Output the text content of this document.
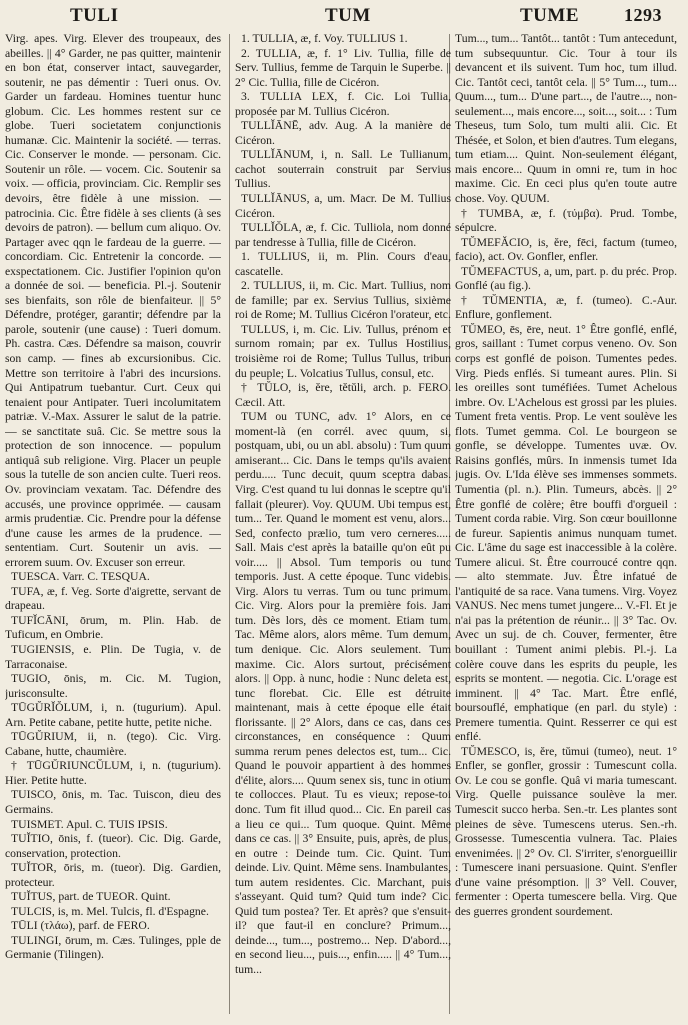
TULI	TUM	TUME	1293

Virg. apes. Virg. Elever des troupeaux, des abeilles. || 4° Garder, ne pas quitter, maintenir en bon état, conserver intact, sauvegarder, soutenir, ne pas démentir : Tueri onus. Ov. Garder un fardeau. Homines tuentur hunc globum. Cic. Les hommes restent sur ce globe. Tueri societatem conjunctionis humanæ. Cic. Maintenir la société. — terras. Cic. Conserver le monde. — personam. Cic. Soutenir un rôle. — vocem. Cic. Soutenir sa voix. — officia, provinciam. Cic. Remplir ses devoirs, être fidèle à une mission. — patrocinia. Cic. Être fidèle à ses clients (à ses devoirs de patron). — bellum cum aliquo. Ov. Partager avec qqn le fardeau de la guerre. — concordiam. Cic. Entretenir la concorde. — exspectationem. Cic. Justifier l'opinion qu'on a donnée de soi. — beneficia. Pl.-j. Soutenir ses bienfaits, son rôle de bienfaiteur. || 5° Défendre, protéger, garantir; défendre par la parole, soutenir (une cause) : Tueri domum. Ph. castra. Cæs. Défendre sa maison, couvrir son camp. — fines ab excursionibus. Cic. Mettre son territoire à l'abri des incursions. Qui Antipatrum tuebantur. Curt. Ceux qui tenaient pour Antipater. Tueri incolumitatem patriæ. V.-Max. Assurer le salut de la patrie. — se sanctitate suâ. Cic. Se mettre sous la protection de son innocence. — populum antiquâ sub religione. Virg. Placer un peuple sous la tutelle de son ancien culte. Tueri reos. Ov. provinciam vexatam. Tac. Défendre des accusés, une province opprimée. — causam armis prudentiæ. Cic. Prendre pour la défense d'une cause les armes de la prudence. — sententiam. Curt. Soutenir un avis. — errorem suum. Ov. Excuser son erreur.

TUESCA. Varr. C. TESQUA.

TUFA, æ, f. Veg. Sorte d'aigrette, servant de drapeau.

TUFĬCĀNI, ōrum, m. Plin. Hab. de Tuficum, en Ombrie.

TUGIENSIS, e. Plin. De Tugia, v. de Tarraconaise.

TUGIO, ōnis, m. Cic. M. Tugion, jurisconsulte.

TŪGŬRĬŎLUM, i, n. (tugurium). Apul. Arn. Petite cabane, petite hutte, petite niche.

TŪGŬRIUM, ii, n. (tego). Cic. Virg. Cabane, hutte, chaumière.

† TŪGŬRIUNCŬLUM, i, n. (tugurium). Hier. Petite hutte.

TUISCO, ōnis, m. Tac. Tuiscon, dieu des Germains.

TUISMET. Apul. C. TUIS IPSIS.

TUĬTIO, ōnis, f. (tueor). Cic. Dig. Garde, conservation, protection.

TUĬTOR, ōris, m. (tueor). Dig. Gardien, protecteur.

TUĬTUS, part. de TUEOR. Quint.

TULCIS, is, m. Mel. Tulcis, fl. d'Espagne.

TŪLI (τλάω), parf. de FERO.

TULINGI, ōrum, m. Cæs. Tulinges, pple de Germanie (Tilingen).

1. TULLIA, æ, f. Voy. TULLIUS 1.

2. TULLIA, æ, f. 1° Liv. Tullia, fille de Serv. Tullius, femme de Tarquin le Superbe. || 2° Cic. Tullia, fille de Cicéron.

3. TULLIA LEX, f. Cic. Loi Tullia, proposée par M. Tullius Cicéron.

TULLĬĀNĒ, adv. Aug. A la manière de Cicéron.

TULLĬĀNUM, i, n. Sall. Le Tullianum, cachot souterrain construit par Servius Tullius.

TULLĬĀNUS, a, um. Macr. De M. Tullius Cicéron.

TULLĬŎLA, æ, f. Cic. Tulliola, nom donné par tendresse à Tullia, fille de Cicéron.

1. TULLIUS, ii, m. Plin. Cours d'eau, cascatelle.

2. TULLIUS, ii, m. Cic. Mart. Tullius, nom de famille; par ex. Servius Tullius, sixième roi de Rome; M. Tullius Cicéron l'orateur, etc.

TULLUS, i, m. Cic. Liv. Tullus, prénom et surnom romain; par ex. Tullus Hostilius, troisième roi de Rome; Tullus Tullus, tribun du peuple; L. Volcatius Tullus, consul, etc.

† TŬLO, is, ĕre, tĕtŭli, arch. p. FERO. Cæcil. Att.

TUM ou TUNC, adv. 1° Alors, en ce moment-là (en corrél. avec quum, si, postquam, ubi, ou un abl. absolu) : Tum quum amiserant... Cic. Dans le temps qu'ils avaient perdu..... Tunc decuit, quum sceptra dabas. Virg. C'est quand tu lui donnas le sceptre qu'il fallait (pleurer). Voy. QUUM. Ubi tempus est, tum... Ter. Quand le moment est venu, alors... Sed, confecto prælio, tum vero cerneres..... Sall. Mais c'est après la bataille qu'on eût pu voir..... || Absol. Tum temporis ou tunc temporis. Just. A cette époque. Tunc videbis. Virg. Alors tu verras. Tum ou tunc primum. Cic. Virg. Alors pour la première fois. Jam tum. Dès lors, dès ce moment. Etiam tum. Tac. Même alors, alors même. Tum demum, tum denique. Cic. Alors seulement. Tum maxime. Cic. Alors surtout, précisément alors. || Opp. à nunc, hodie : Nunc deleta est, tunc florebat. Cic. Elle est détruite maintenant, mais à cette époque elle était florissante. || 2° Alors, dans ce cas, dans ces circonstances, en conséquence : Quum summa rerum penes delectos est, tum... Cic. Quand le pouvoir appartient à des hommes d'élite, alors.... Quum senex sis, tunc in otium te collocces. Plaut. Tu es vieux; repose-toi donc. Tum fit illud quod... Cic. En pareil cas a lieu ce qui... Tum quoque. Quint. Même dans ce cas. || 3° Ensuite, puis, après, de plus, en outre : Deinde tum. Cic. Quint. Tum deinde. Liv. Quint. Même sens. Inambulantes, tum autem residentes. Cic. Marchant, puis s'asseyant. Quid tum? Quid tum inde? Cic. Quid tum postea? Ter. Et après? que s'ensuit-il? que faut-il en conclure? Primum..., deinde..., tum..., postremo... Nep. D'abord..., en second lieu..., puis..., enfin..... || 4° Tum..., tum...

Tum..., tum... Tantôt... tantôt : Tum antecedunt, tum subsequuntur. Cic. Tour à tour ils devancent et ils suivent. Tum hoc, tum illud. Cic. Tantôt ceci, tantôt cela. || 5° Tum..., tum... Quum..., tum... D'une part..., de l'autre..., non-seulement..., mais encore..., soit..., soit... : Tum Theseus, tum Solo, tum multi alii. Cic. Et Thésée, et Solon, et bien d'autres. Tum elegans, tum etiam.... Quint. Non-seulement élégant, mais encore... Quum in omni re, tum in hoc maxime. Cic. En ceci plus qu'en toute autre chose. Voy. QUUM.

† TUMBA, æ, f. (τύμβα). Prud. Tombe, sépulcre.

TŬMEFĂCIO, is, ĕre, fēci, factum (tumeo, facio), act. Ov. Gonfler, enfler.

TŬMEFACTUS, a, um, part. p. du préc. Prop. Gonflé (au fig.).

† TŬMENTIA, æ, f. (tumeo). C.-Aur. Enflure, gonflement.

TŬMEO, ēs, ēre, neut. 1° Être gonflé, enflé, gros, saillant : Tumet corpus veneno. Ov. Son corps est gonflé de poison. Tumentes pedes. Virg. Pieds enflés. Si tumeant aures. Plin. Si les oreilles sont tuméfiées. Tumet Achelous imbre. Ov. L'Achelous est grossi par les pluies. Tument freta ventis. Prop. Le vent soulève les flots. Tumet gemma. Col. Le bourgeon se gonfle, se développe. Tumentes uvæ. Ov. Raisins gonflés, mûrs. In inmensis tumet Ida jugis. Ov. L'Ida élève ses immenses sommets. Tumentia (pl. n.). Plin. Tumeurs, abcès. || 2° Être gonflé de colère; être bouffi d'orgueil : Tument corda rabie. Virg. Son cœur bouillonne de fureur. Sapientis animus nunquam tumet. Cic. L'âme du sage est inaccessible à la colère. Tumere alicui. St. Être courroucé contre qqn. — alto stemmate. Juv. Être infatué de l'antiquité de sa race. Vana tumens. Virg. Voyez VANUS. Nec mens tumet jungere... V.-Fl. Et je n'ai pas la prétention de réunir... || 3° Tac. Ov. Avec un suj. de ch. Couver, fermenter, être bouillant : Tument animi plebis. Pl.-j. La colère couve dans les esprits du peuple, les esprits se montent. — negotia. Cic. L'orage est imminent. || 4° Tac. Mart. Être enflé, boursouflé, emphatique (en parl. du style) : Premere tumentia. Quint. Resserrer ce qui est enflé.

TŬMESCO, is, ĕre, tŭmui (tumeo), neut. 1° Enfler, se gonfler, grossir : Tumescunt colla. Ov. Le cou se gonfle. Quâ vi maria tumescant. Virg. Quelle puissance soulève la mer. Tumescit succo herba. Sen.-tr. Les plantes sont pleines de sève. Tumescens uterus. Sen.-rh. Grossesse. Tumescentia vulnera. Tac. Plaies envenimées. || 2° Ov. Cl. S'irriter, s'enorgueillir : Tumescere inani persuasione. Quint. S'enfler d'une vaine présomption. || 3° Vell. Couver, fermenter : Operta tumescere bella. Virg. Que des guerres grondent sourdement.
